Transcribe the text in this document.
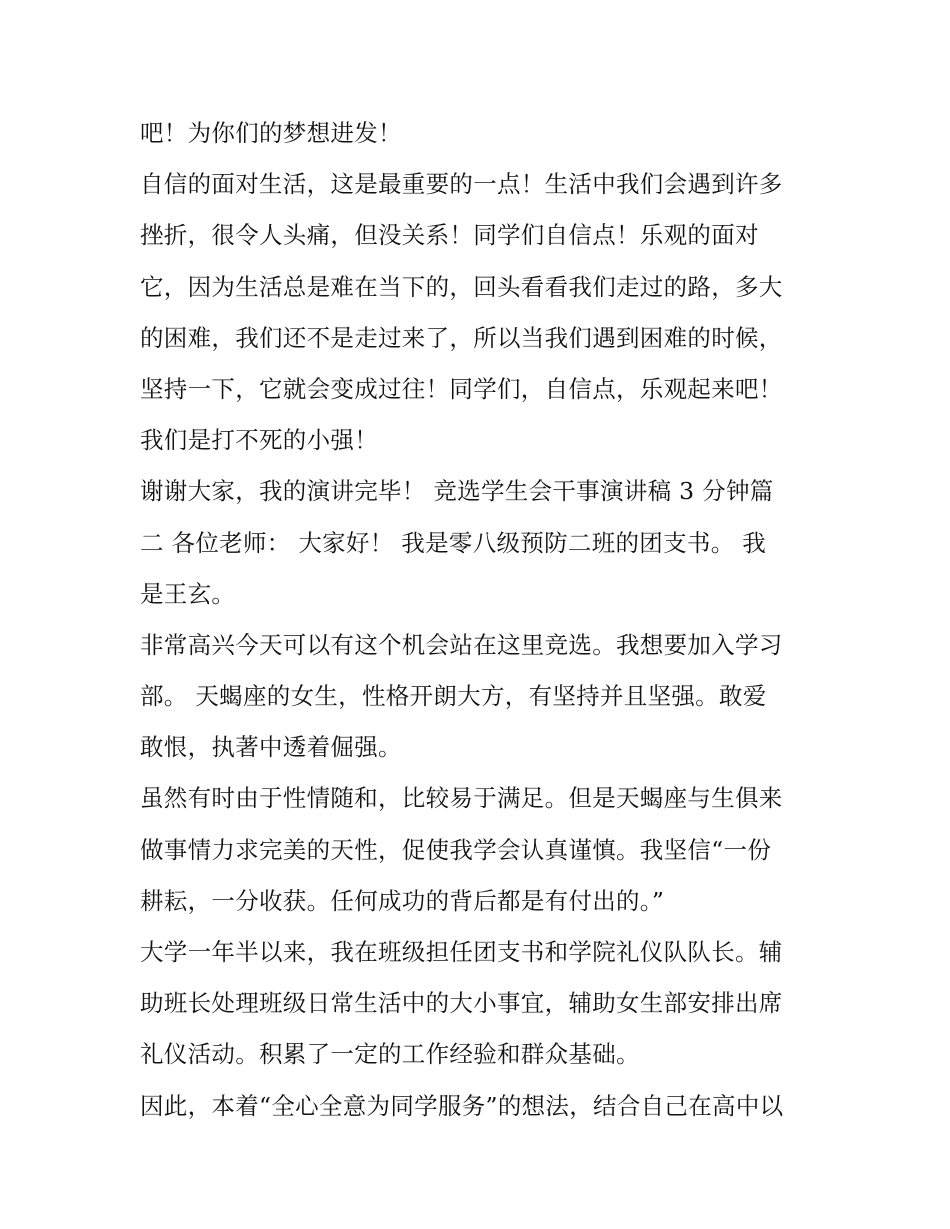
吧！为你们的梦想进发！
自信的面对生活，这是最重要的一点！生活中我们会遇到许多
挫折，很令人头痛，但没关系！同学们自信点！乐观的面对
它，因为生活总是难在当下的，回头看看我们走过的路，多大
的困难，我们还不是走过来了，所以当我们遇到困难的时候，
坚持一下，它就会变成过往！同学们，自信点，乐观起来吧！
我们是打不死的小强！
谢谢大家，我的演讲完毕！ 竞选学生会干事演讲稿 3 分钟篇
二 各位老师： 大家好！ 我是零八级预防二班的团支书。 我
是王玄。
非常高兴今天可以有这个机会站在这里竞选。我想要加入学习
部。 天蝎座的女生，性格开朗大方，有坚持并且坚强。敢爱
敢恨，执著中透着倔强。
虽然有时由于性情随和，比较易于满足。但是天蝎座与生俱来
做事情力求完美的天性，促使我学会认真谨慎。我坚信“一份
耕耘，一分收获。任何成功的背后都是有付出的。”
大学一年半以来，我在班级担任团支书和学院礼仪队队长。辅
助班长处理班级日常生活中的大小事宜，辅助女生部安排出席
礼仪活动。积累了一定的工作经验和群众基础。
因此，本着“全心全意为同学服务”的想法，结合自己在高中以
